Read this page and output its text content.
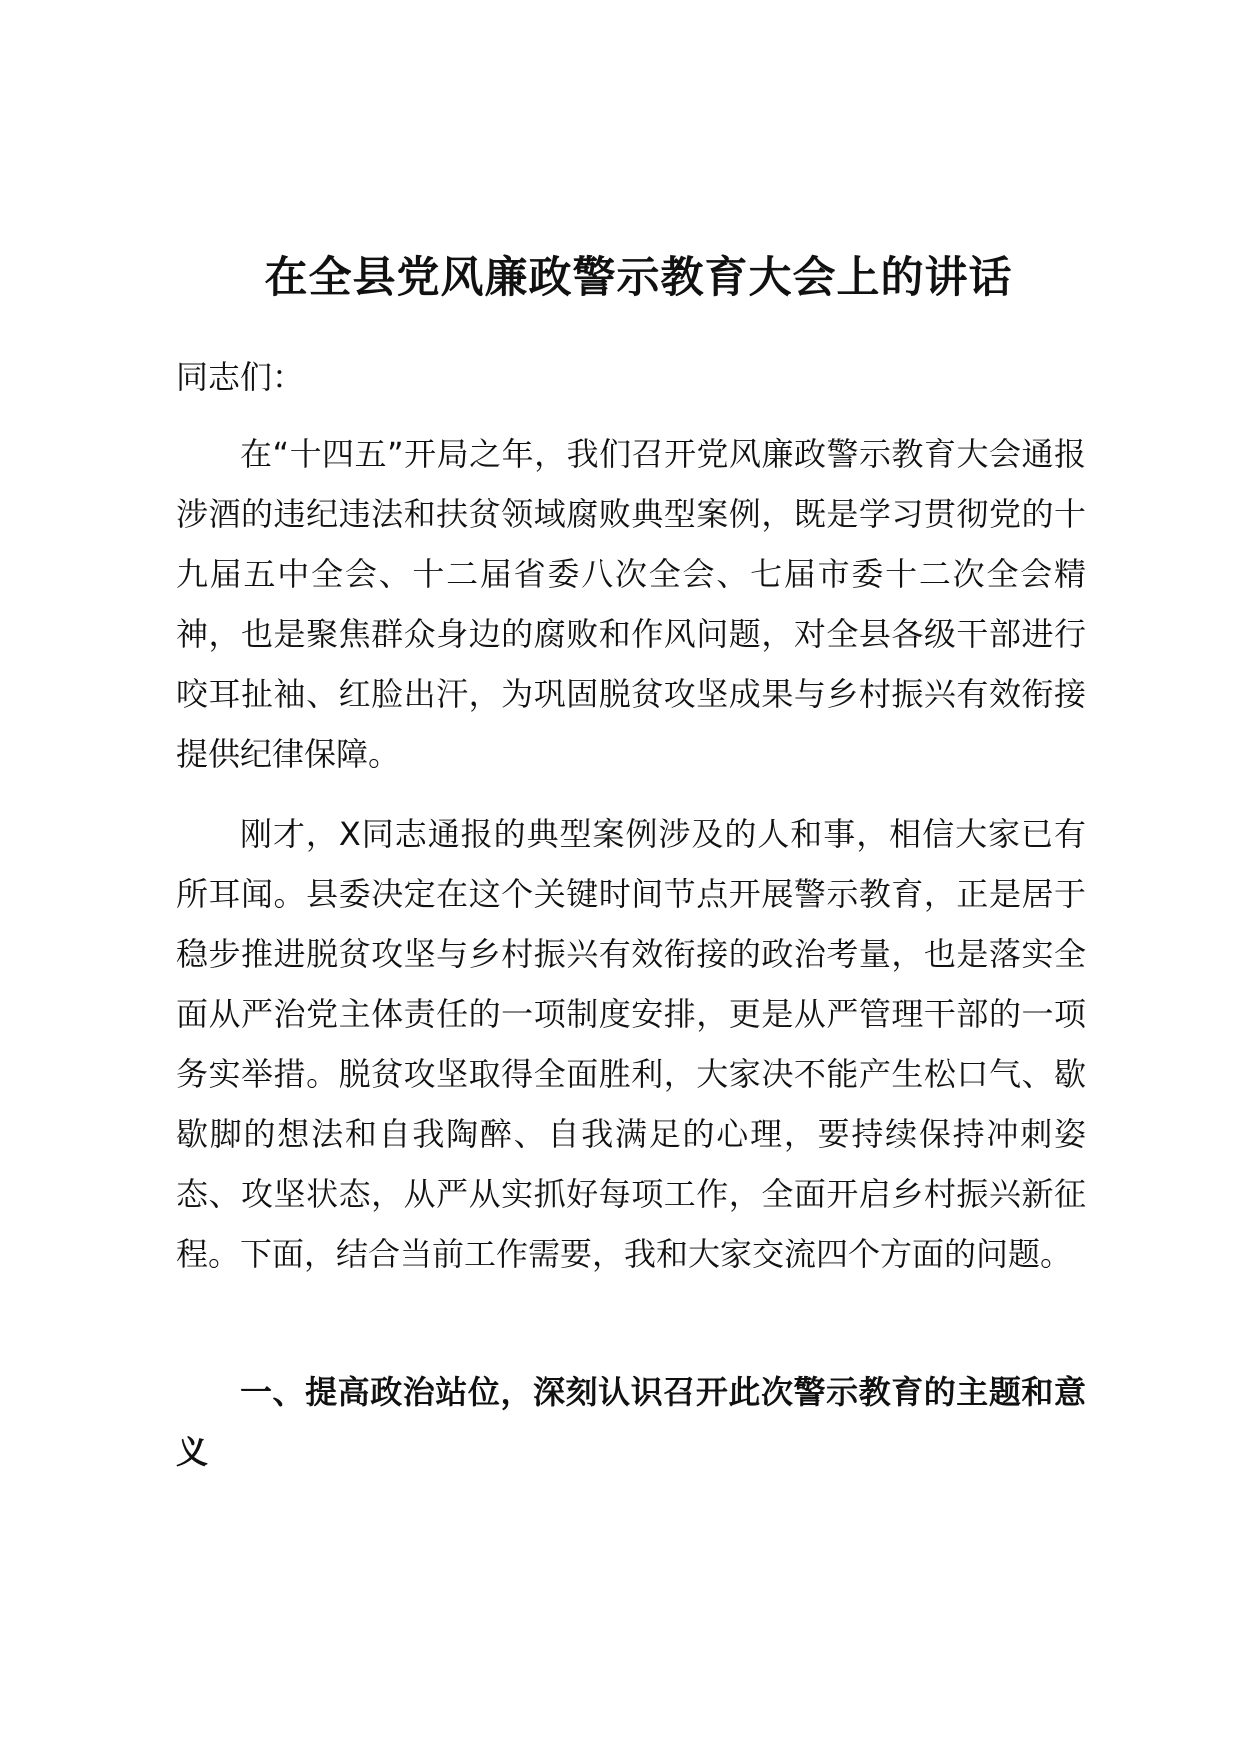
在全县党风廉政警示教育大会上的讲话

同志们：

在“十四五”开局之年，我们召开党风廉政警示教育大会通报涉酒的违纪违法和扶贫领域腐败典型案例，既是学习贯彻党的十九届五中全会、十二届省委八次全会、七届市委十二次全会精神，也是聚焦群众身边的腐败和作风问题，对全县各级干部进行咬耳扯袖、红脸出汗，为巩固脱贫攻坚成果与乡村振兴有效衔接提供纪律保障。

刚才，X同志通报的典型案例涉及的人和事，相信大家已有所耳闻。县委决定在这个关键时间节点开展警示教育，正是居于稳步推进脱贫攻坚与乡村振兴有效衔接的政治考量，也是落实全面从严治党主体责任的一项制度安排，更是从严管理干部的一项务实举措。脱贫攻坚取得全面胜利，大家决不能产生松口气、歇歇脚的想法和自我陶醉、自我满足的心理，要持续保持冲刺姿态、攻坚状态，从严从实抓好每项工作，全面开启乡村振兴新征程。下面，结合当前工作需要，我和大家交流四个方面的问题。

一、提高政治站位，深刻认识召开此次警示教育的主题和意义
